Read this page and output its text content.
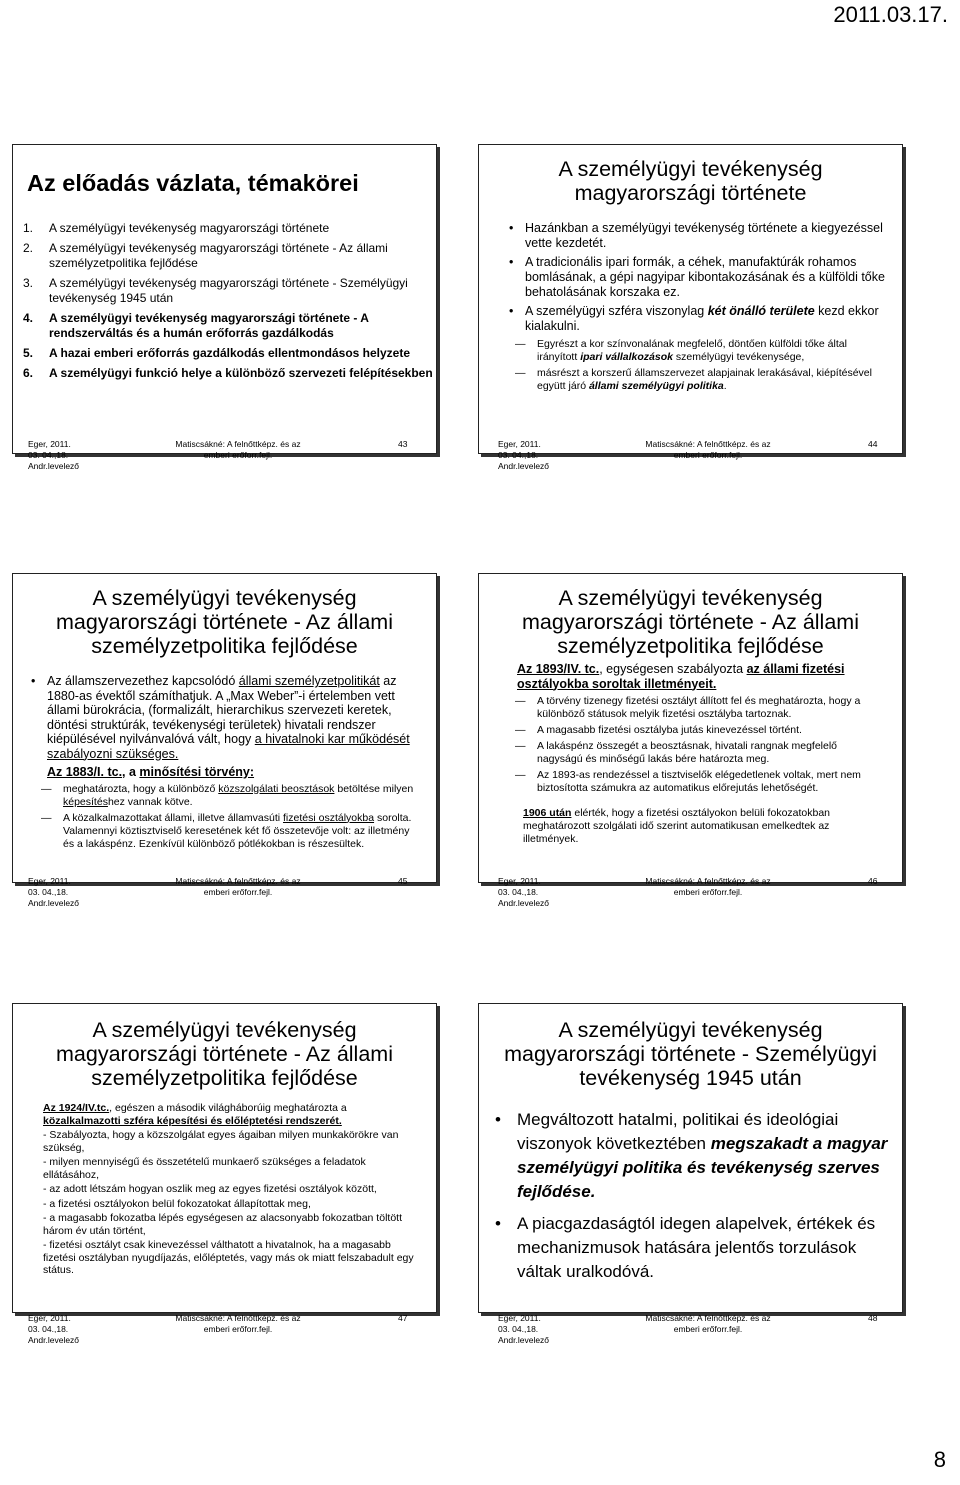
2011.03.17.
Az előadás vázlata, témakörei
1. A személyügyi tevékenység magyarországi története
2. A személyügyi tevékenység magyarországi története - Az állami személyzetpolitika fejlődése
3. A személyügyi tevékenység magyarországi története - Személyügyi tevékenység 1945 után
4. A személyügyi tevékenység magyarországi története - A rendszerváltás és a humán erőforrás gazdálkodás
5. A hazai emberi erőforrás gazdálkodás ellentmondásos helyzete
6. A személyügyi funkció helye a különböző szervezeti felépítésekben
Eger, 2011. 03. 04.,18.
Andr.levelező
Matiscsákné: A felnőttképz. és az
emberi erőforr.fejl.
43
A személyügyi tevékenység
magyarországi története
• Hazánkban a személyügyi tevékenység története a kiegyezéssel vette kezdetét.
• A tradicionális ipari formák, a céhek, manufaktúrák rohamos bomlásának, a gépi nagyipar kibontakozásának és a külföldi tőke behatolásának korszaka ez.
• A személyügyi szféra viszonylag két önálló területe kezd ekkor kialakulni.
— Egyrészt a kor színvonalának megfelelő, döntően külföldi tőke által irányított ipari vállalkozások személyügyi tevékenysége,
— másrészt a korszerű államszervezet alapjainak lerakásával, kiépítésével együtt járó állami személyügyi politika.
Eger, 2011. 03. 04.,18.
Andr.levelező
Matiscsákné: A felnőttképz. és az
emberi erőforr.fejl.
44
A személyügyi tevékenység
magyarországi története - Az állami
személyzetpolitika fejlődése
• Az államszervezethez kapcsolódó állami személyzetpolitikát az 1880-as évektől számíthatjuk. A „Max Weber”-i értelemben vett állami bürokrácia, (formalizált, hierarchikus szervezeti keretek, döntési struktúrák, tevékenységi területek) hivatali rendszer kiépülésével nyilvánvalóvá vált, hogy a hivatalnoki kar működését szabályozni szükséges.

Az 1883/I. tc., a minősítési törvény:

— meghatározta, hogy a különböző közszolgálati beosztások betöltése milyen képesítéshez vannak kötve.
— A közalkalmazottakat állami, illetve államvasúti fizetési osztályokba sorolta. Valamennyi köztisztviselő keresetének két fő összetevője volt: az illetmény és a lakáspénz. Ezenkívül különböző pótlékokban is részesültek.
Eger, 2011. 03. 04.,18.
Andr.levelező
Matiscsákné: A felnőttképz. és az
emberi erőforr.fejl.
45
A személyügyi tevékenység
magyarországi története - Az állami
személyzetpolitika fejlődése

Az 1893/IV. tc., egységesen szabályozta az állami fizetési osztályokba soroltak illetményeit.

— A törvény tizenegy fizetési osztályt állított fel és meghatározta, hogy a különböző státusok melyik fizetési osztályba tartoznak.
— A magasabb fizetési osztályba jutás kinevezéssel történt.
— A lakáspénz összegét a beosztásnak, hivatali rangnak megfelelő nagyságú és minőségű lakás bére határozta meg.
— Az 1893-as rendezéssel a tisztviselők elégedetlenek voltak, mert nem biztosította számukra az automatikus előrejutás lehetőségét.

1906 után elérték, hogy a fizetési osztályokon belüli fokozatokban meghatározott szolgálati idő szerint automatikusan emelkedtek az illetmények.

Eger, 2011. 03. 04.,18.
Andr.levelező
Matiscsákné: A felnőttképz. és az
emberi erőforr.fejl.
46
A személyügyi tevékenység
magyarországi története - Az állami
személyzetpolitika fejlődése

Az 1924/IV.tc., egészen a második világháborúig meghatározta a közalkalmazotti szféra képesítési és előléptetési rendszerét.

- Szabályozta, hogy a közszolgálat egyes ágaiban milyen munkakörökre van szükség,

- milyen mennyiségű és összetételű munkaerő szükséges a feladatok ellátásához,

- az adott létszám hogyan oszlik meg az egyes fizetési osztályok között,

- a fizetési osztályokon belül fokozatokat állapítottak meg,

- a magasabb fokozatba lépés egységesen az alacsonyabb fokozatban töltött három év után történt,

- fizetési osztályt csak kinevezéssel válthatott a hivatalnok, ha a magasabb fizetési osztályban nyugdíjazás, előléptetés, vagy más ok miatt felszabadult egy státus.

Eger, 2011. 03. 04.,18.
Andr.levelező
Matiscsákné: A felnőttképz. és az
emberi erőforr.fejl.
47
A személyügyi tevékenység
magyarországi története - Személyügyi
tevékenység 1945 után
• Megváltozott hatalmi, politikai és ideológiai viszonyok következtében megszakadt a magyar személyügyi politika és tevékenység szerves fejlődése.
• A piacgazdaságtól idegen alapelvek, értékek és mechanizmusok hatására jelentős torzulások váltak uralkodóvá.
Eger, 2011. 03. 04.,18.
Andr.levelező
Matiscsákné: A felnőttképz. és az
emberi erőforr.fejl.
48
8
